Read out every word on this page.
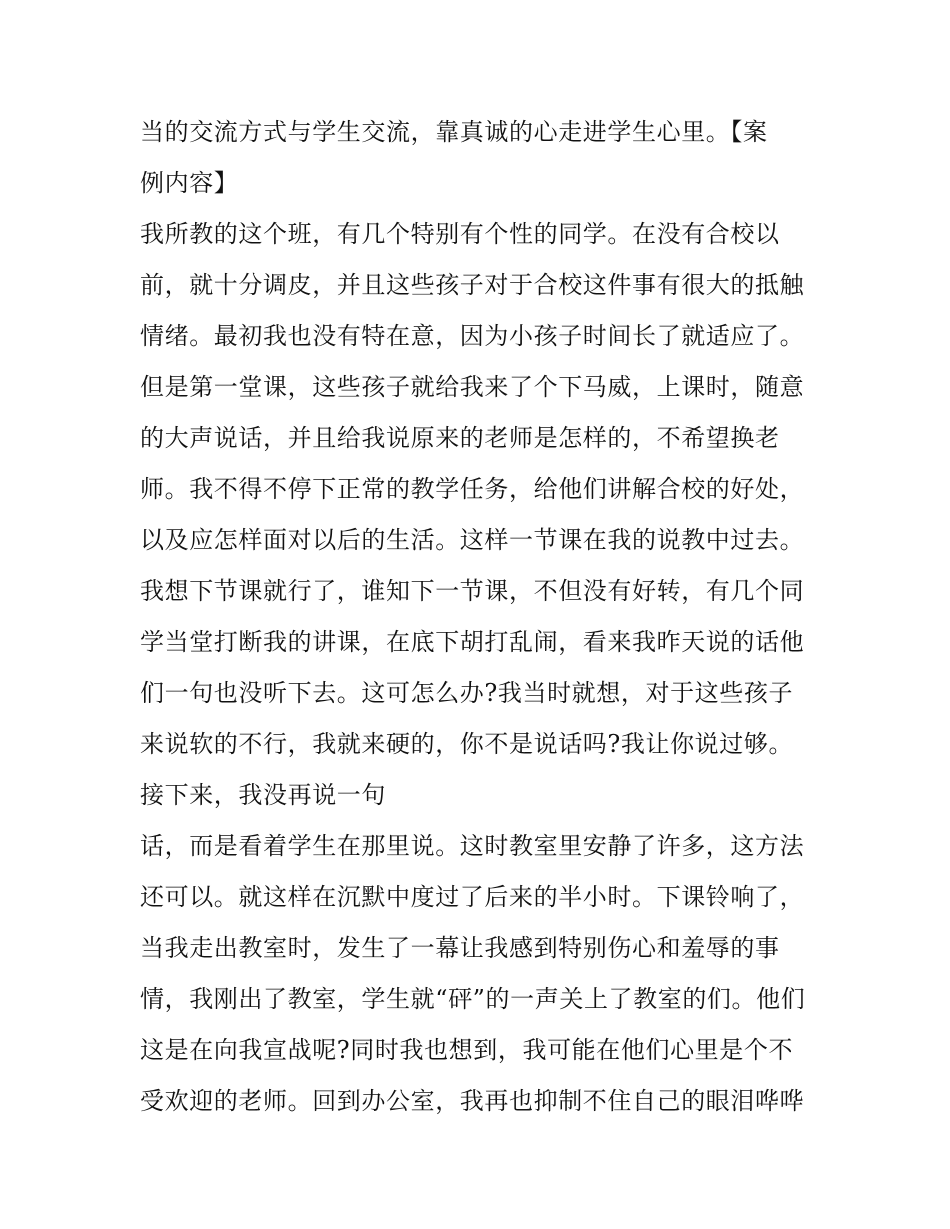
当的交流方式与学生交流，靠真诚的心走进学生心里。【案
例内容】
我所教的这个班，有几个特别有个性的同学。在没有合校以
前，就十分调皮，并且这些孩子对于合校这件事有很大的抵触
情绪。最初我也没有特在意，因为小孩子时间长了就适应了。
但是第一堂课，这些孩子就给我来了个下马威，上课时，随意
的大声说话，并且给我说原来的老师是怎样的，不希望换老
师。我不得不停下正常的教学任务，给他们讲解合校的好处，
以及应怎样面对以后的生活。这样一节课在我的说教中过去。
我想下节课就行了，谁知下一节课，不但没有好转，有几个同
学当堂打断我的讲课，在底下胡打乱闹，看来我昨天说的话他
们一句也没听下去。这可怎么办?我当时就想，对于这些孩子
来说软的不行，我就来硬的，你不是说话吗?我让你说过够。
接下来，我没再说一句
话，而是看着学生在那里说。这时教室里安静了许多，这方法
还可以。就这样在沉默中度过了后来的半小时。下课铃响了，
当我走出教室时，发生了一幕让我感到特别伤心和羞辱的事
情，我刚出了教室，学生就“砰”的一声关上了教室的们。他们
这是在向我宣战呢?同时我也想到，我可能在他们心里是个不
受欢迎的老师。回到办公室，我再也抑制不住自己的眼泪哗哗
